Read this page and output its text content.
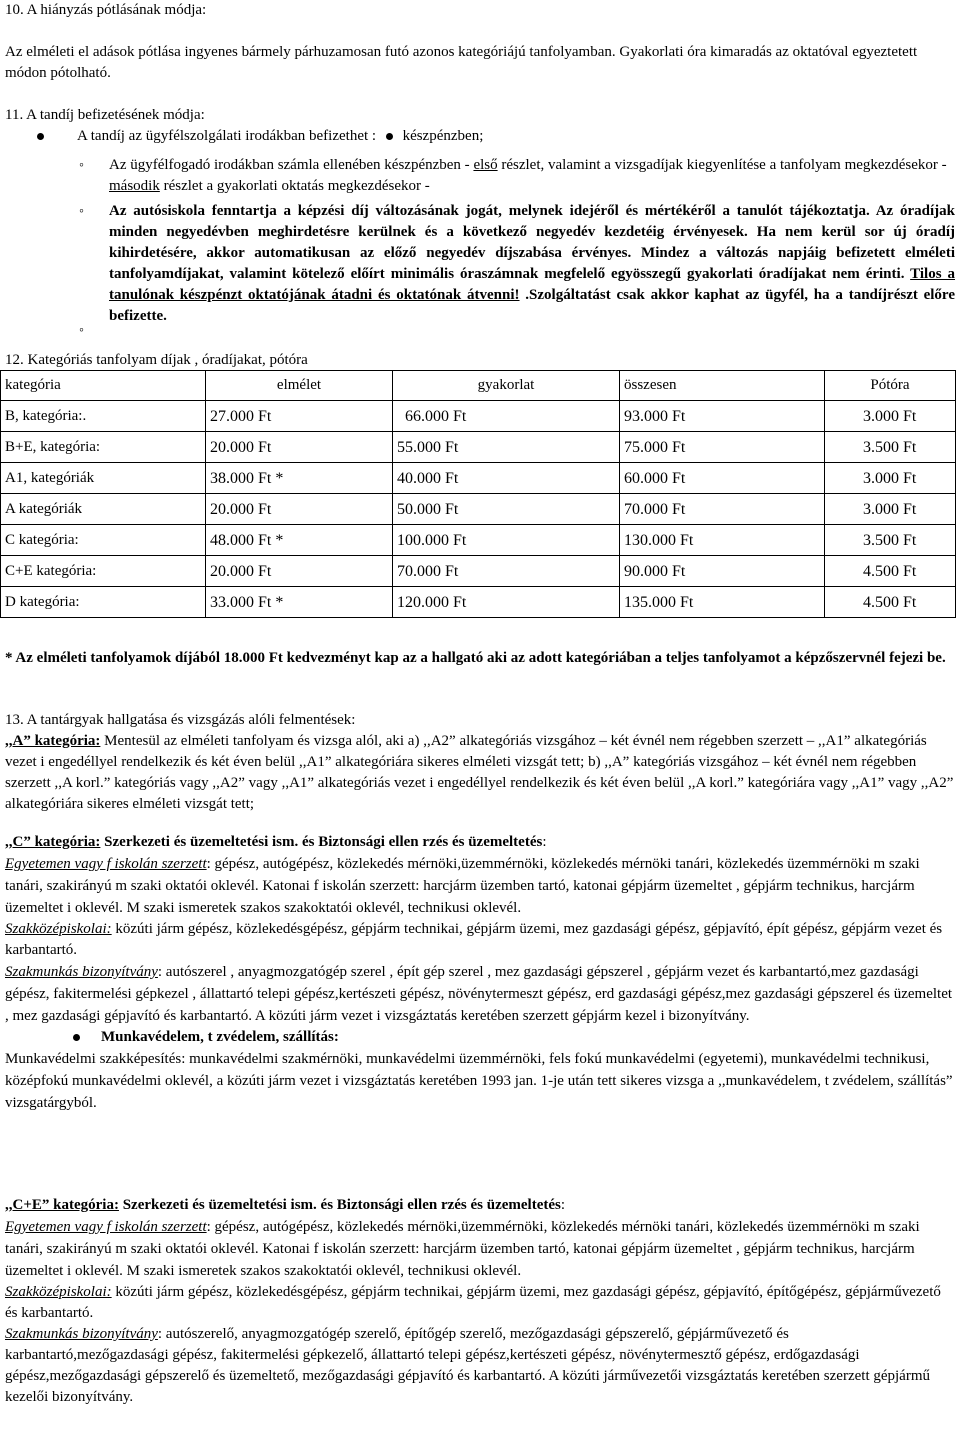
10. A hiányzás pótlásának módja:
Az elméleti el adások pótlása ingyenes bármely párhuzamosan futó azonos kategóriájú tanfolyamban. Gyakorlati óra kimaradás az oktatóval egyeztetett módon pótolható.
11. A tandíj befizetésének módja:
A tandíj az ügyfélszolgálati irodákban befizethet : készpénzben;
◦ Az ügyfélfogadó irodákban számla ellenében készpénzben - első részlet, valamint a vizsgadíjak kiegyenlítése a tanfolyam megkezdésekor - második részlet a gyakorlati oktatás megkezdésekor -
◦ Az autósiskola fenntartja a képzési díj változásának jogát, melynek idejéről és mértékéről a tanulót tájékoztatja. Az óradíjak minden negyedévben meghirdetésre kerülnek és a következő negyedév kezdetéig érvényesek. Ha nem kerül sor új óradíj kihirdetésére, akkor automatikusan az előző negyedév díjszabása érvényes. Mindez a változás napjáig befizetett elméleti tanfolyamdíjakat, valamint kötelező előírt minimális óraszámnak megfelelő egyösszegű gyakorlati óradíjakat nem érinti. Tilos a tanulónak készpénzt oktatójának átadni és oktatónak átvenni! .Szolgáltatást csak akkor kaphat az ügyfél, ha a tandíjrészt előre befizette.
◦
12. Kategóriás tanfolyam díjak , óradíjakat, pótóra
kategória	elmélet	gyakorlat	összesen	Pótóra
B, kategória:.	27.000 Ft	66.000 Ft	93.000 Ft	3.000 Ft
B+E, kategória:	20.000 Ft	55.000 Ft	75.000 Ft	3.500 Ft
A1, kategóriák	38.000 Ft *	40.000 Ft	60.000 Ft	3.000 Ft
A kategóriák	20.000 Ft	50.000 Ft	70.000 Ft	3.000 Ft
C kategória:	48.000 Ft *	100.000 Ft	130.000 Ft	3.500 Ft
C+E kategória:	20.000 Ft	70.000 Ft	90.000 Ft	4.500 Ft
D kategória:	33.000 Ft *	120.000 Ft	135.000 Ft	4.500 Ft
* Az elméleti tanfolyamok díjából 18.000 Ft kedvezményt kap az a hallgató aki az adott kategóriában a teljes tanfolyamot a képzőszervnél fejezi be.
13. A tantárgyak hallgatása és vizsgázás alóli felmentések:
,,A” kategória: Mentesül az elméleti tanfolyam és vizsga alól, aki a) ,,A2” alkategóriás vizsgához – két évnél nem régebben szerzett – ,,A1” alkategóriás vezet i engedéllyel rendelkezik és két éven belül ,,A1” alkategóriára sikeres elméleti vizsgát tett; b) ,,A” kategóriás vizsgához – két évnél nem régebben szerzett ,,A korl.” kategóriás vagy ,,A2” vagy ,,A1” alkategóriás vezet i engedéllyel rendelkezik és két éven belül ,,A korl.” kategóriára vagy ,,A1” vagy ,,A2” alkategóriára sikeres elméleti vizsgát tett;
,,C” kategória: Szerkezeti és üzemeltetési ism. és Biztonsági ellen rzés és üzemeltetés:
Egyetemen vagy f iskolán szerzett: gépész, autógépész, közlekedés mérnöki,üzemmérnöki, közlekedés mérnöki tanári, közlekedés üzemmérnöki m szaki tanári, szakirányú m szaki oktatói oklevél. Katonai f iskolán szerzett: harcjárm üzemben tartó, katonai gépjárm üzemeltet , gépjárm technikus, harcjárm üzemeltet i oklevél. M szaki ismeretek szakos szakoktatói oklevél, technikusi oklevél.
Szakközépiskolai: közúti járm gépész, közlekedésgépész, gépjárm technikai, gépjárm üzemi, mez gazdasági gépész, gépjavító, épít gépész, gépjárm vezet és karbantartó.
Szakmunkás bizonyítvány: autószerel , anyagmozgatógép szerel , épít gép szerel , mez gazdasági gépszerel , gépjárm vezet és karbantartó,mez gazdasági gépész, fakitermelési gépkezel , állattartó telepi gépész,kertészeti gépész, növénytermeszt gépész, erd gazdasági gépész,mez gazdasági gépszerel és üzemeltet , mez gazdasági gépjavító és karbantartó. A közúti járm vezet i vizsgáztatás keretében szerzett gépjárm kezel i bizonyítvány.
Munkavédelem, t zvédelem, szállítás:
Munkavédelmi szakképesítés: munkavédelmi szakmérnöki, munkavédelmi üzemmérnöki, fels fokú munkavédelmi (egyetemi), munkavédelmi technikusi, középfokú munkavédelmi oklevél, a közúti járm vezet i vizsgáztatás keretében 1993 jan. 1-je után tett sikeres vizsga a ,,munkavédelem, t zvédelem, szállítás” vizsgatárgyból.
,,C+E” kategória: Szerkezeti és üzemeltetési ism. és Biztonsági ellen rzés és üzemeltetés:
Egyetemen vagy f iskolán szerzett: gépész, autógépész, közlekedés mérnöki,üzemmérnöki, közlekedés mérnöki tanári, közlekedés üzemmérnöki m szaki tanári, szakirányú m szaki oktatói oklevél. Katonai f iskolán szerzett: harcjárm üzemben tartó, katonai gépjárm üzemeltet , gépjárm technikus, harcjárm üzemeltet i oklevél. M szaki ismeretek szakos szakoktatói oklevél, technikusi oklevél.
Szakközépiskolai: közúti járm gépész, közlekedésgépész, gépjárm technikai, gépjárm üzemi, mez gazdasági gépész, gépjavító, építőgépész, gépjárművezető és karbantartó.
Szakmunkás bizonyítvány: autószerelő, anyagmozgatógép szerelő, építőgép szerelő, mezőgazdasági gépszerelő, gépjárművezető és karbantartó,mezőgazdasági gépész, fakitermelési gépkezelő, állattartó telepi gépész,kertészeti gépész, növénytermesztő gépész, erdőgazdasági gépész,mezőgazdasági gépszerelő és üzemeltető, mezőgazdasági gépjavító és karbantartó. A közúti járművezetői vizsgáztatás keretében szerzett gépjármű kezelői bizonyítvány.
